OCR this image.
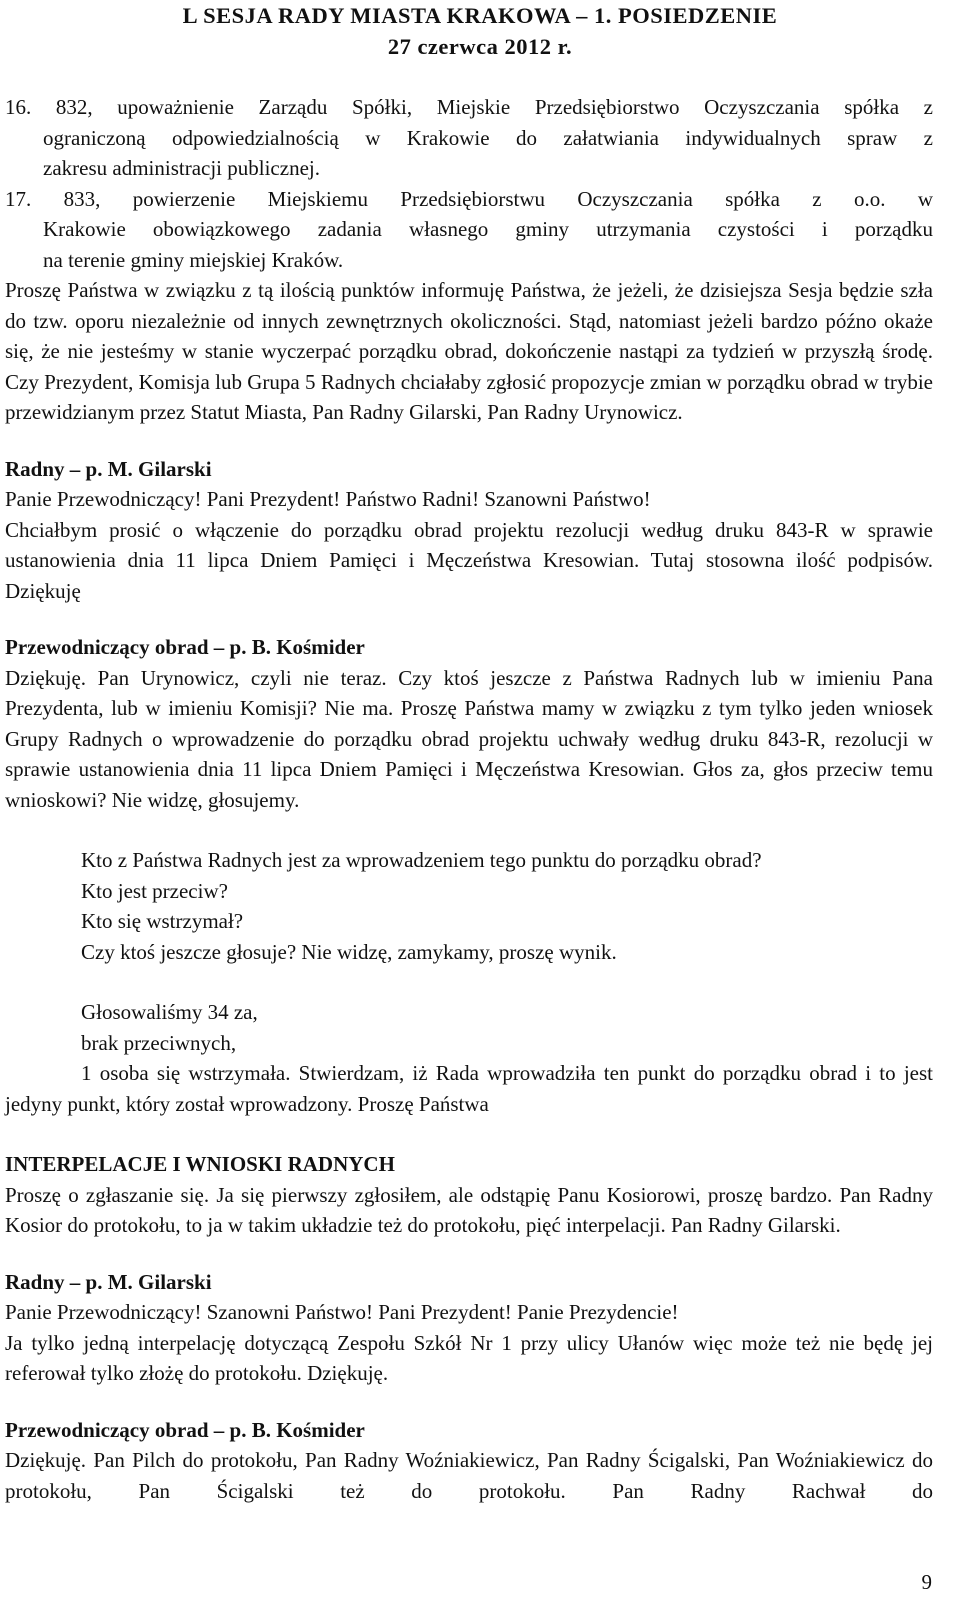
L SESJA RADY MIASTA KRAKOWA – 1. POSIEDZENIE
27 czerwca 2012 r.

16. 832, upoważnienie Zarządu Spółki, Miejskie Przedsiębiorstwo Oczyszczania spółka z

ograniczoną odpowiedzialnością w Krakowie do załatwiania indywidualnych spraw z

zakresu administracji publicznej.

17. 833, powierzenie Miejskiemu Przedsiębiorstwu Oczyszczania spółka z o.o. w

Krakowie obowiązkowego zadania własnego gminy utrzymania czystości i porządku

na terenie gminy miejskiej Kraków.

Proszę Państwa w związku z tą ilością punktów informuję Państwa, że jeżeli, że dzisiejsza Sesja będzie szła do tzw. oporu niezależnie od innych zewnętrznych okoliczności. Stąd, natomiast jeżeli bardzo późno okaże się, że nie jesteśmy w stanie wyczerpać porządku obrad, dokończenie nastąpi za tydzień w przyszłą środę. Czy Prezydent, Komisja lub Grupa 5 Radnych chciałaby zgłosić propozycje zmian w porządku obrad w trybie przewidzianym przez Statut Miasta, Pan Radny Gilarski, Pan Radny Urynowicz.

Radny – p. M. Gilarski

Panie Przewodniczący! Pani Prezydent! Państwo Radni! Szanowni Państwo!

Chciałbym prosić o włączenie do porządku obrad projektu rezolucji według druku 843-R w sprawie ustanowienia dnia 11 lipca Dniem Pamięci i Męczeństwa Kresowian. Tutaj stosowna ilość podpisów. Dziękuję

Przewodniczący obrad – p. B. Kośmider

Dziękuję. Pan Urynowicz, czyli nie teraz. Czy ktoś jeszcze z Państwa Radnych lub w imieniu Pana Prezydenta, lub w imieniu Komisji? Nie ma. Proszę Państwa mamy w związku z tym tylko jeden wniosek Grupy Radnych o wprowadzenie do porządku obrad projektu uchwały według druku 843-R, rezolucji w sprawie ustanowienia dnia 11 lipca Dniem Pamięci i Męczeństwa Kresowian. Głos za, głos przeciw temu wnioskowi? Nie widzę, głosujemy.

Kto z Państwa Radnych jest za wprowadzeniem tego punktu do porządku obrad?

Kto jest przeciw?

Kto się wstrzymał?

Czy ktoś jeszcze głosuje? Nie widzę, zamykamy, proszę wynik.

Głosowaliśmy 34 za,

brak przeciwnych,

1 osoba się wstrzymała. Stwierdzam, iż Rada wprowadziła ten punkt do porządku obrad i to jest jedyny punkt, który został wprowadzony. Proszę Państwa

INTERPELACJE I WNIOSKI RADNYCH

Proszę o zgłaszanie się. Ja się pierwszy zgłosiłem, ale odstąpię Panu Kosiorowi, proszę bardzo. Pan Radny Kosior do protokołu, to ja w takim układzie też do protokołu, pięć interpelacji. Pan Radny Gilarski.

Radny – p. M. Gilarski

Panie Przewodniczący! Szanowni Państwo! Pani Prezydent! Panie Prezydencie!

Ja tylko jedną interpelację dotyczącą Zespołu Szkół Nr 1 przy ulicy Ułanów więc może też nie będę jej referował tylko złożę do protokołu. Dziękuję.

Przewodniczący obrad – p. B. Kośmider

Dziękuję. Pan Pilch do protokołu, Pan Radny Woźniakiewicz, Pan Radny Ścigalski, Pan Woźniakiewicz do protokołu, Pan Ścigalski też do protokołu. Pan Radny Rachwał do

9
